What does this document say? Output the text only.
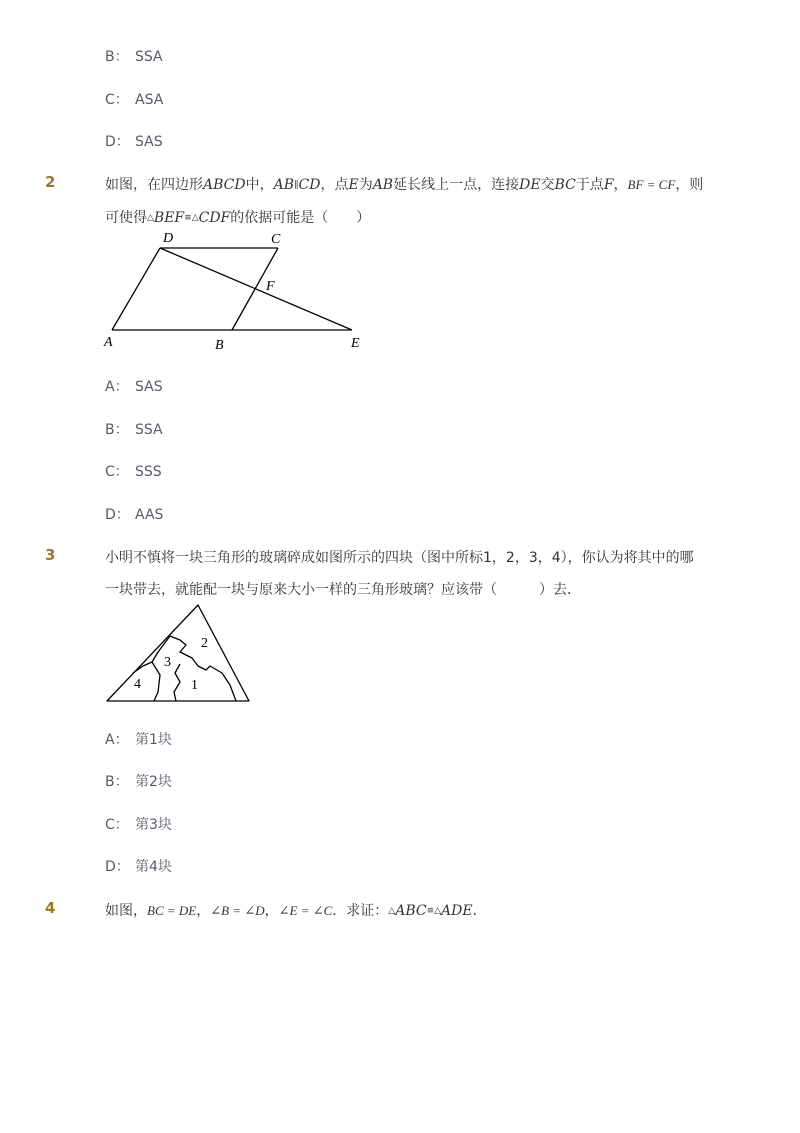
B： SSA
C： ASA
D： SAS
2	如图，在四边形ABCD中，AB∥CD，点E为AB延长线上一点，连接DE交BC于点F，BF = CF，则
可使得△BEF≌△CDF的依据可能是（　　）
D	C
F
A	B	E
A： SAS
B： SSA
C： SSS
D： AAS
3	小明不慎将一块三角形的玻璃碎成如图所示的四块（图中所标1，2，3，4），你认为将其中的哪
一块带去，就能配一块与原来大小一样的三角形玻璃？应该带（　　　）去．
2
3
4	1
A： 第1块
B： 第2块
C： 第3块
D： 第4块
4	如图，BC = DE，∠B = ∠D，∠E = ∠C．求证：△ABC≌△ADE．
